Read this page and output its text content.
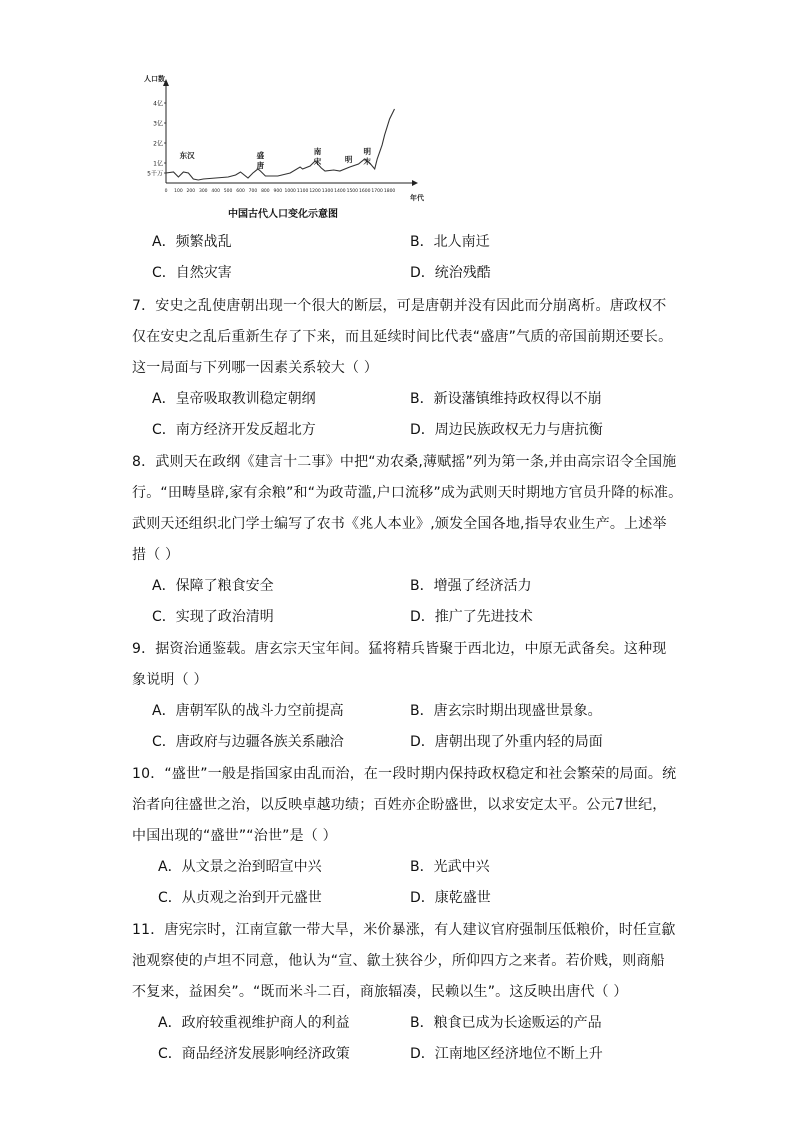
人口数
年代
5千万
1亿
2亿
3亿
4亿
0 100 200 300 400 500 600 700 800 900 1000 1100 1200 1300 1400 1500 1600 1700 1800
东汉	盛
唐
南
宋	明
明
末
中国古代人口变化示意图
A．频繁战乱	B．北人南迁
C．自然灾害	D．统治残酷
7．安史之乱使唐朝出现一个很大的断层，可是唐朝并没有因此而分崩离析。唐政权不
仅在安史之乱后重新生存了下来，而且延续时间比代表“盛唐”气质的帝国前期还要长。
这一局面与下列哪一因素关系较大（ ）
A．皇帝吸取教训稳定朝纲	B．新设藩镇维持政权得以不崩
C．南方经济开发反超北方	D．周边民族政权无力与唐抗衡
8．武则天在政纲《建言十二事》中把“劝农桑,薄赋摇”列为第一条,并由高宗诏令全国施
行。“田畴垦辟,家有余粮”和“为政苛滥,户口流移”成为武则天时期地方官员升降的标准。
武则天还组织北门学士编写了农书《兆人本业》,颁发全国各地,指导农业生产。上述举
措（ ）
A．保障了粮食安全	B．增强了经济活力
C．实现了政治清明	D．推广了先进技术
9．据资治通鉴载。唐玄宗天宝年间。猛将精兵皆聚于西北边，中原无武备矣。这种现
象说明（ ）
A．唐朝军队的战斗力空前提高	B．唐玄宗时期出现盛世景象。
C．唐政府与边疆各族关系融洽	D．唐朝出现了外重内轻的局面
10．“盛世”一般是指国家由乱而治，在一段时期内保持政权稳定和社会繁荣的局面。统
治者向往盛世之治，以反映卓越功绩；百姓亦企盼盛世，以求安定太平。公元7世纪，
中国出现的“盛世”“治世”是（ ）
A．从文景之治到昭宣中兴	B．光武中兴
C．从贞观之治到开元盛世	D．康乾盛世
11．唐宪宗时，江南宣歙一带大旱，米价暴涨，有人建议官府强制压低粮价，时任宣歙
池观察使的卢坦不同意，他认为“宣、歙土狭谷少，所仰四方之来者。若价贱，则商船
不复来，益困矣”。“既而米斗二百，商旅辐凑，民赖以生”。这反映出唐代（ ）
A．政府较重视维护商人的利益	B．粮食已成为长途贩运的产品
C．商品经济发展影响经济政策	D．江南地区经济地位不断上升
